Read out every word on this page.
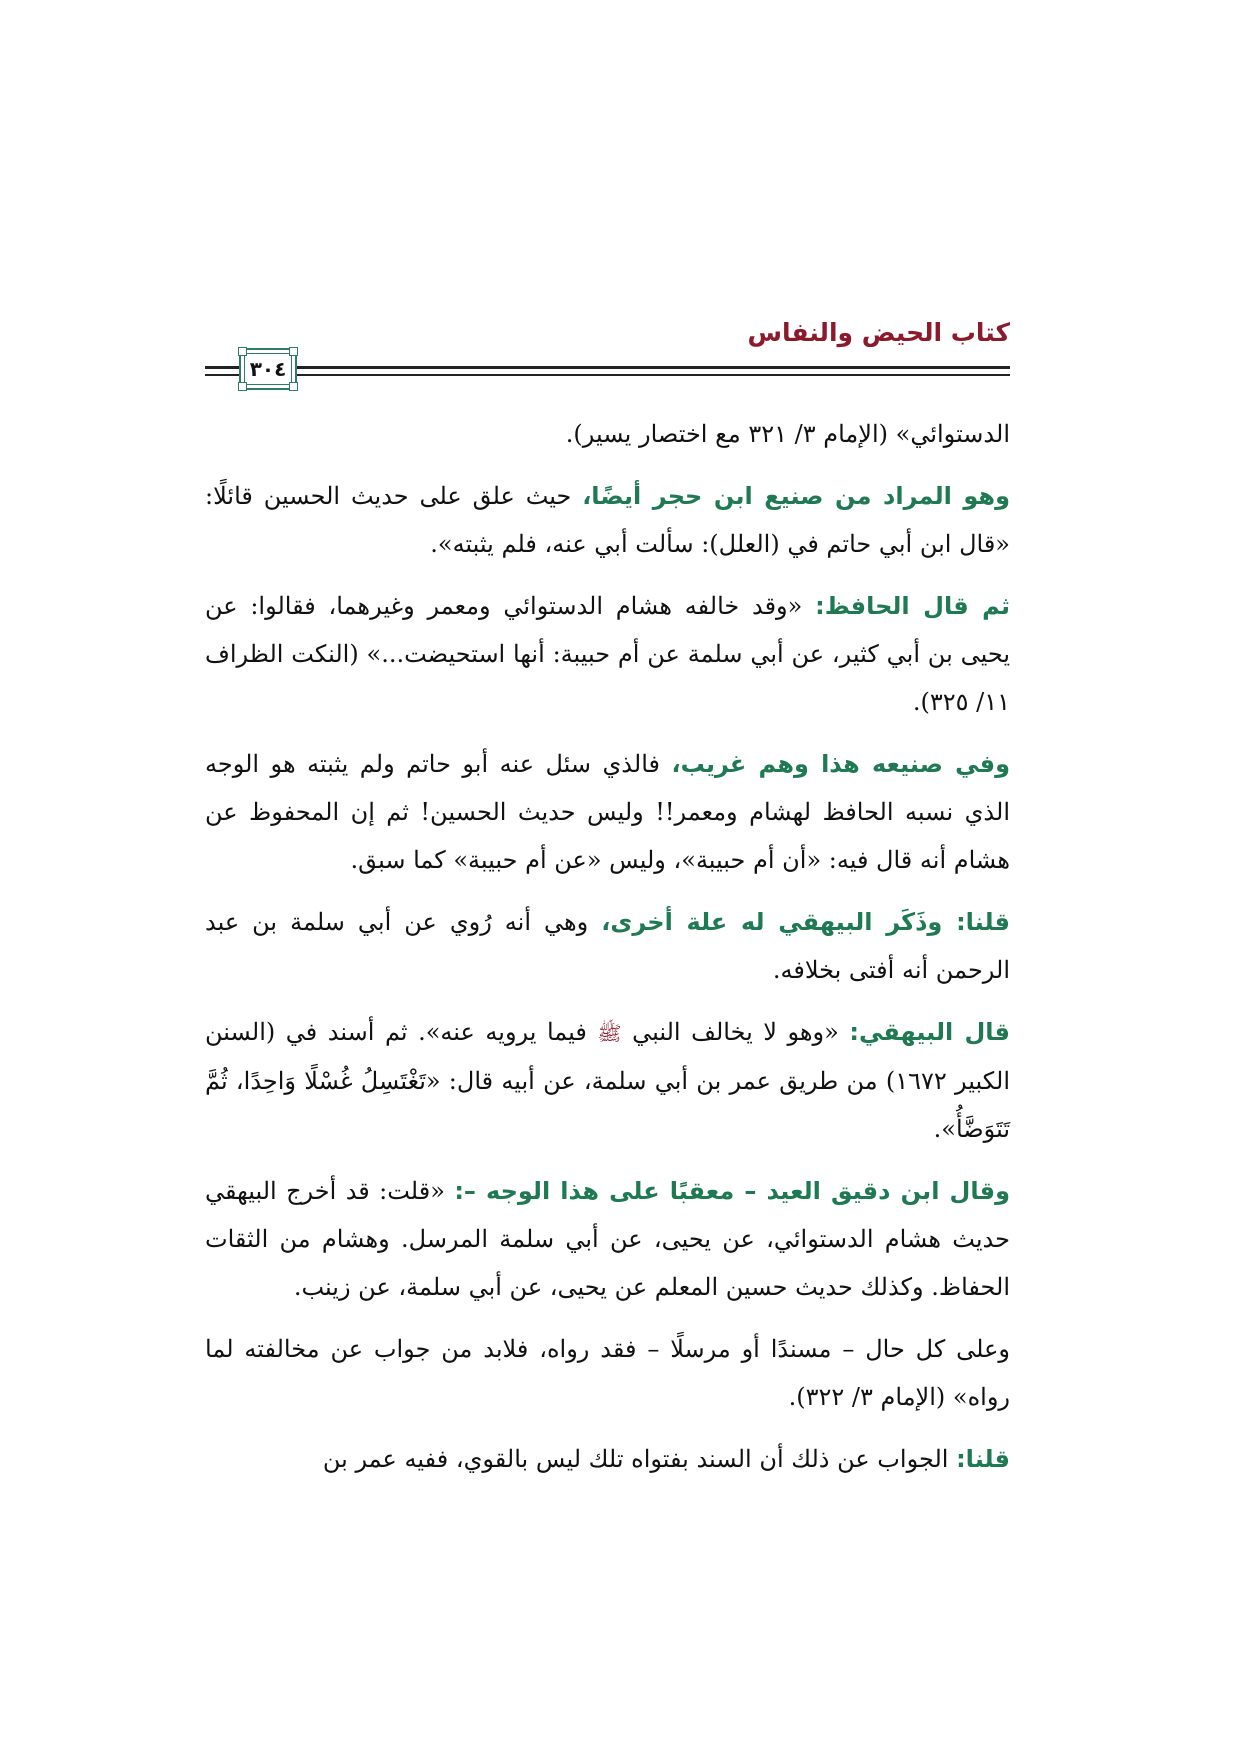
كتاب الحيض والنفاس
٣٠٤

الدستوائي» (الإمام ٣/ ٣٢١ مع اختصار يسير).

وهو المراد من صنيع ابن حجر أيضًا، حيث علق على حديث الحسين قائلًا: «قال ابن أبي حاتم في (العلل): سألت أبي عنه، فلم يثبته».

ثم قال الحافظ: «وقد خالفه هشام الدستوائي ومعمر وغيرهما، فقالوا: عن يحيى بن أبي كثير، عن أبي سلمة عن أم حبيبة: أنها استحيضت...» (النكت الظراف ١١/ ٣٢٥).

وفي صنيعه هذا وهم غريب، فالذي سئل عنه أبو حاتم ولم يثبته هو الوجه الذي نسبه الحافظ لهشام ومعمر!! وليس حديث الحسين! ثم إن المحفوظ عن هشام أنه قال فيه: «أن أم حبيبة»، وليس «عن أم حبيبة» كما سبق.

قلنا: وذَكَر البيهقي له علة أخرى، وهي أنه رُوي عن أبي سلمة بن عبد الرحمن أنه أفتى بخلافه.

قال البيهقي: «وهو لا يخالف النبي ﷺ فيما يرويه عنه». ثم أسند في (السنن الكبير ١٦٧٢) من طريق عمر بن أبي سلمة، عن أبيه قال: «تَغْتَسِلُ غُسْلًا وَاحِدًا، ثُمَّ تَتَوَضَّأُ».

وقال ابن دقيق العيد – معقبًا على هذا الوجه –: «قلت: قد أخرج البيهقي حديث هشام الدستوائي، عن يحيى، عن أبي سلمة المرسل. وهشام من الثقات الحفاظ. وكذلك حديث حسين المعلم عن يحيى، عن أبي سلمة، عن زينب.

وعلى كل حال – مسندًا أو مرسلًا – فقد رواه، فلابد من جواب عن مخالفته لما رواه» (الإمام ٣/ ٣٢٢).

قلنا: الجواب عن ذلك أن السند بفتواه تلك ليس بالقوي، ففيه عمر بن
